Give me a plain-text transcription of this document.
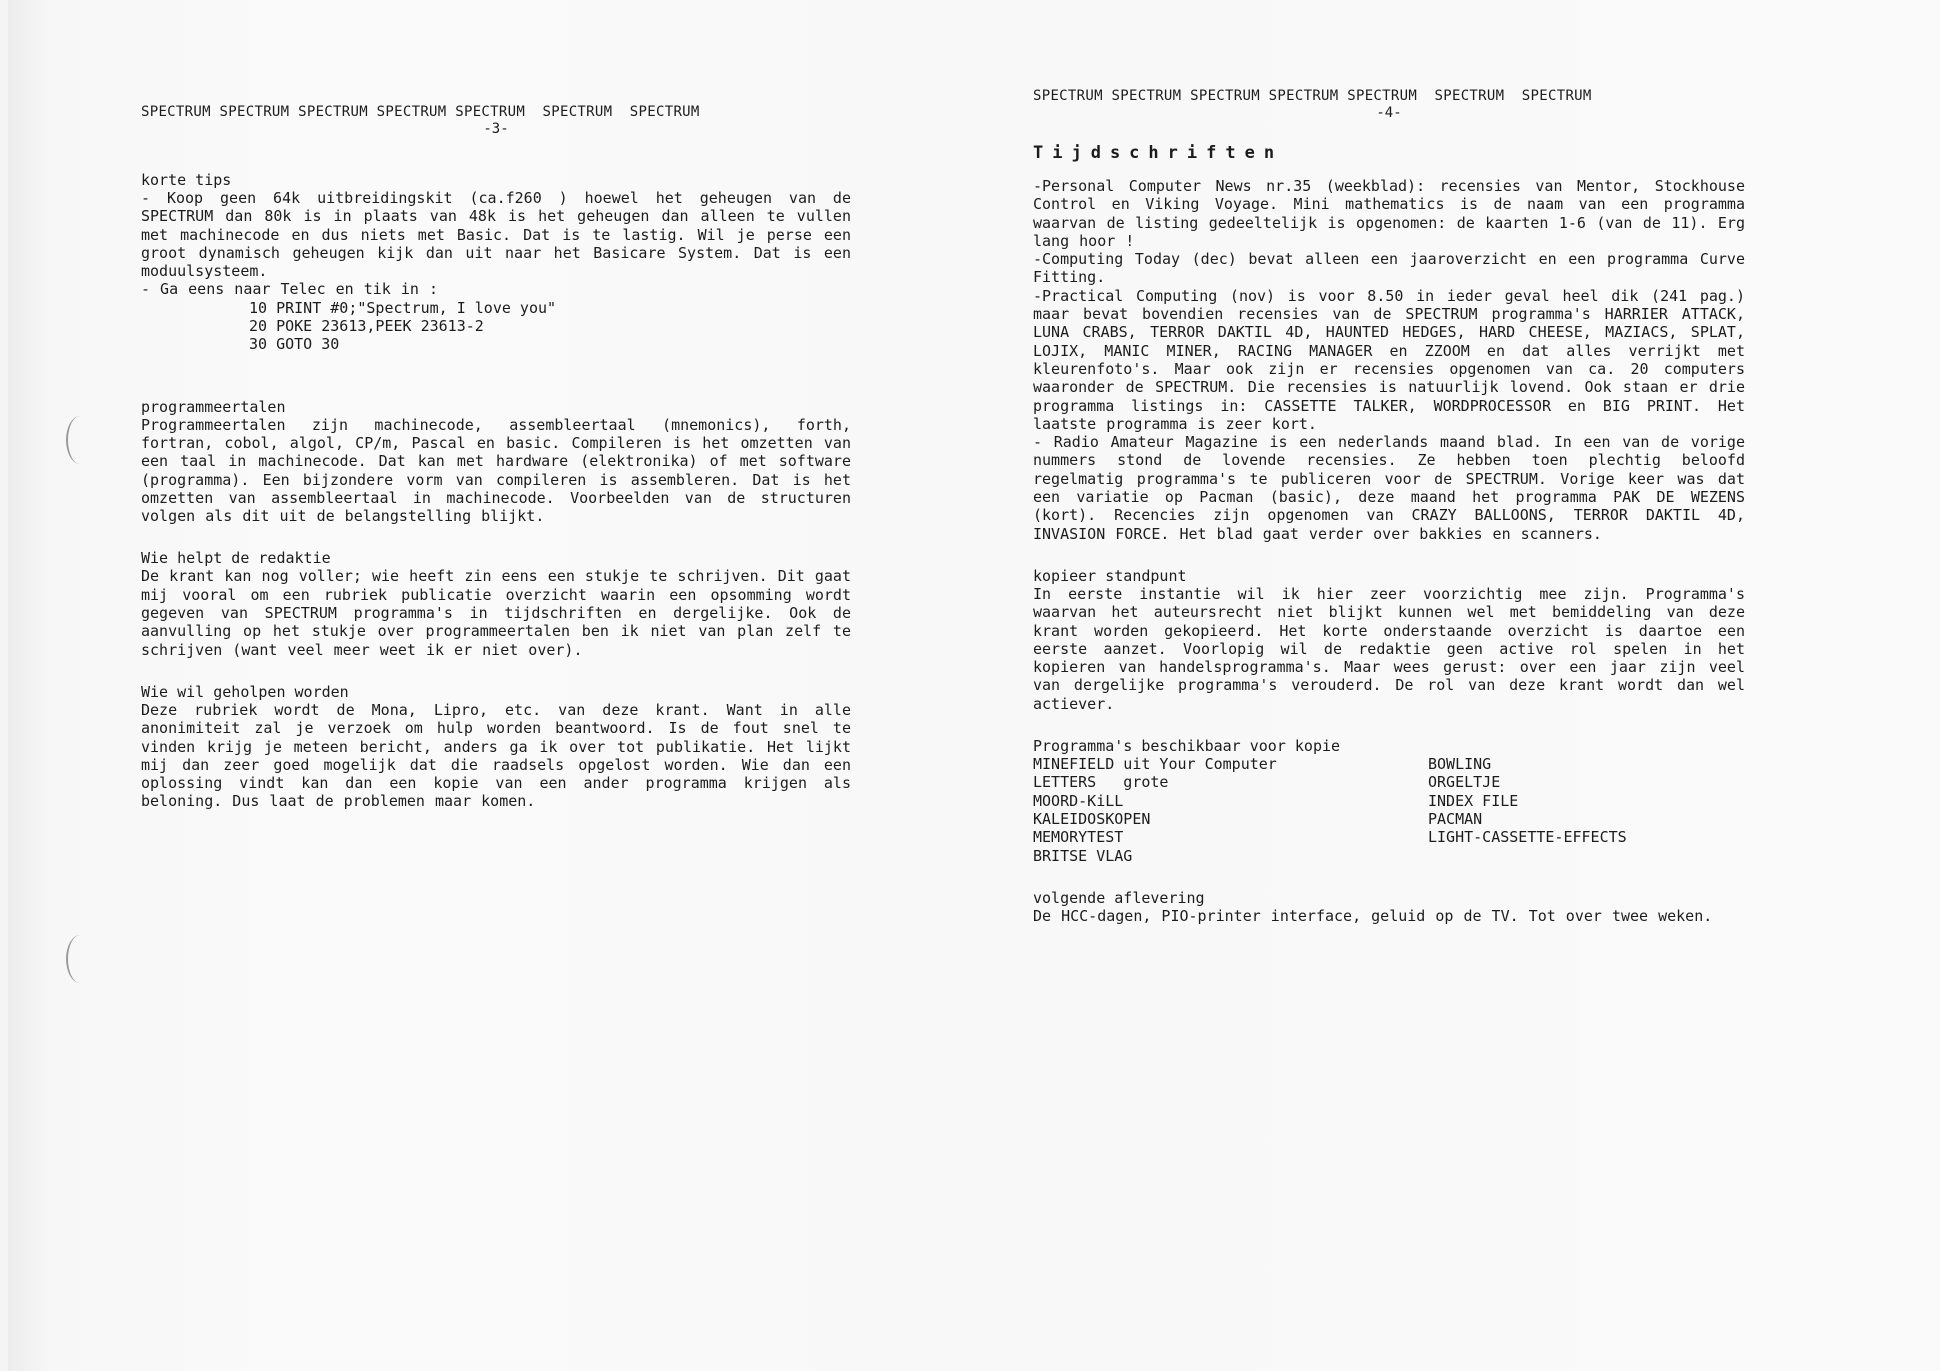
SPECTRUM SPECTRUM SPECTRUM SPECTRUM SPECTRUM  SPECTRUM  SPECTRUM
-3-
korte tips
- Koop geen 64k uitbreidingskit (ca.f260 ) hoewel het geheugen van de SPECTRUM dan 80k is in plaats van 48k is het geheugen dan alleen te vullen met machinecode en dus niets met Basic. Dat is te lastig. Wil je perse een groot dynamisch geheugen kijk dan uit naar het Basicare System. Dat is een moduulsysteem.
- Ga eens naar Telec en tik in :
10 PRINT #0;"Spectrum, I love you"
20 POKE 23613,PEEK 23613-2
30 GOTO 30
programmeertalen
Programmeertalen zijn machinecode, assembleertaal (mnemonics), forth, fortran, cobol, algol, CP/m, Pascal en basic. Compileren is het omzetten van een taal in machinecode. Dat kan met hardware (elektronika) of met software (programma). Een bijzondere vorm van compileren is assembleren. Dat is het omzetten van assembleertaal in machinecode. Voorbeelden van de structuren volgen als dit uit de belangstelling blijkt.
Wie helpt de redaktie
De krant kan nog voller; wie heeft zin eens een stukje te schrijven. Dit gaat mij vooral om een rubriek publicatie overzicht waarin een opsomming wordt gegeven van SPECTRUM programma's in tijdschriften en dergelijke. Ook de aanvulling op het stukje over programmeertalen ben ik niet van plan zelf te schrijven (want veel meer weet ik er niet over).
Wie wil geholpen worden
Deze rubriek wordt de Mona, Lipro, etc. van deze krant. Want in alle anonimiteit zal je verzoek om hulp worden beantwoord. Is de fout snel te vinden krijg je meteen bericht, anders ga ik over tot publikatie. Het lijkt mij dan zeer goed mogelijk dat die raadsels opgelost worden. Wie dan een oplossing vindt kan dan een kopie van een ander programma krijgen als beloning. Dus laat de problemen maar komen.
SPECTRUM SPECTRUM SPECTRUM SPECTRUM SPECTRUM  SPECTRUM  SPECTRUM
-4-
Tijdschriften
-Personal Computer News nr.35 (weekblad): recensies van Mentor, Stockhouse Control en Viking Voyage. Mini mathematics is de naam van een programma waarvan de listing gedeeltelijk is opgenomen: de kaarten 1-6 (van de 11). Erg lang hoor !
-Computing Today (dec) bevat alleen een jaaroverzicht en een programma Curve Fitting.
-Practical Computing (nov) is voor 8.50 in ieder geval heel dik (241 pag.) maar bevat bovendien recensies van de SPECTRUM programma's HARRIER ATTACK, LUNA CRABS, TERROR DAKTIL 4D, HAUNTED HEDGES, HARD CHEESE, MAZIACS, SPLAT, LOJIX, MANIC MINER, RACING MANAGER en ZZOOM en dat alles verrijkt met kleurenfoto's. Maar ook zijn er recensies opgenomen van ca. 20 computers waaronder de SPECTRUM. Die recensies is natuurlijk lovend. Ook staan er drie programma listings in: CASSETTE TALKER, WORDPROCESSOR en BIG PRINT. Het laatste programma is zeer kort.
- Radio Amateur Magazine is een nederlands maand blad. In een van de vorige nummers stond de lovende recensies. Ze hebben toen plechtig beloofd regelmatig programma's te publiceren voor de SPECTRUM. Vorige keer was dat een variatie op Pacman (basic), deze maand het programma PAK DE WEZENS (kort). Recencies zijn opgenomen van CRAZY BALLOONS, TERROR DAKTIL 4D, INVASION FORCE. Het blad gaat verder over bakkies en scanners.
kopieer standpunt
In eerste instantie wil ik hier zeer voorzichtig mee zijn. Programma's waarvan het auteursrecht niet blijkt kunnen wel met bemiddeling van deze krant worden gekopieerd. Het korte onderstaande overzicht is daartoe een eerste aanzet. Voorlopig wil de redaktie geen active rol spelen in het kopieren van handelsprogramma's. Maar wees gerust: over een jaar zijn veel van dergelijke programma's verouderd. De rol van deze krant wordt dan wel actiever.
Programma's beschikbaar voor kopie
MINEFIELD uit Your Computer	BOWLING
LETTERS   grote	ORGELTJE
MOORD-KiLL	INDEX FILE
KALEIDOSKOPEN	PACMAN
MEMORYTEST	LIGHT-CASSETTE-EFFECTS
BRITSE VLAG	
volgende aflevering
De HCC-dagen, PIO-printer interface, geluid op de TV. Tot over twee weken.
